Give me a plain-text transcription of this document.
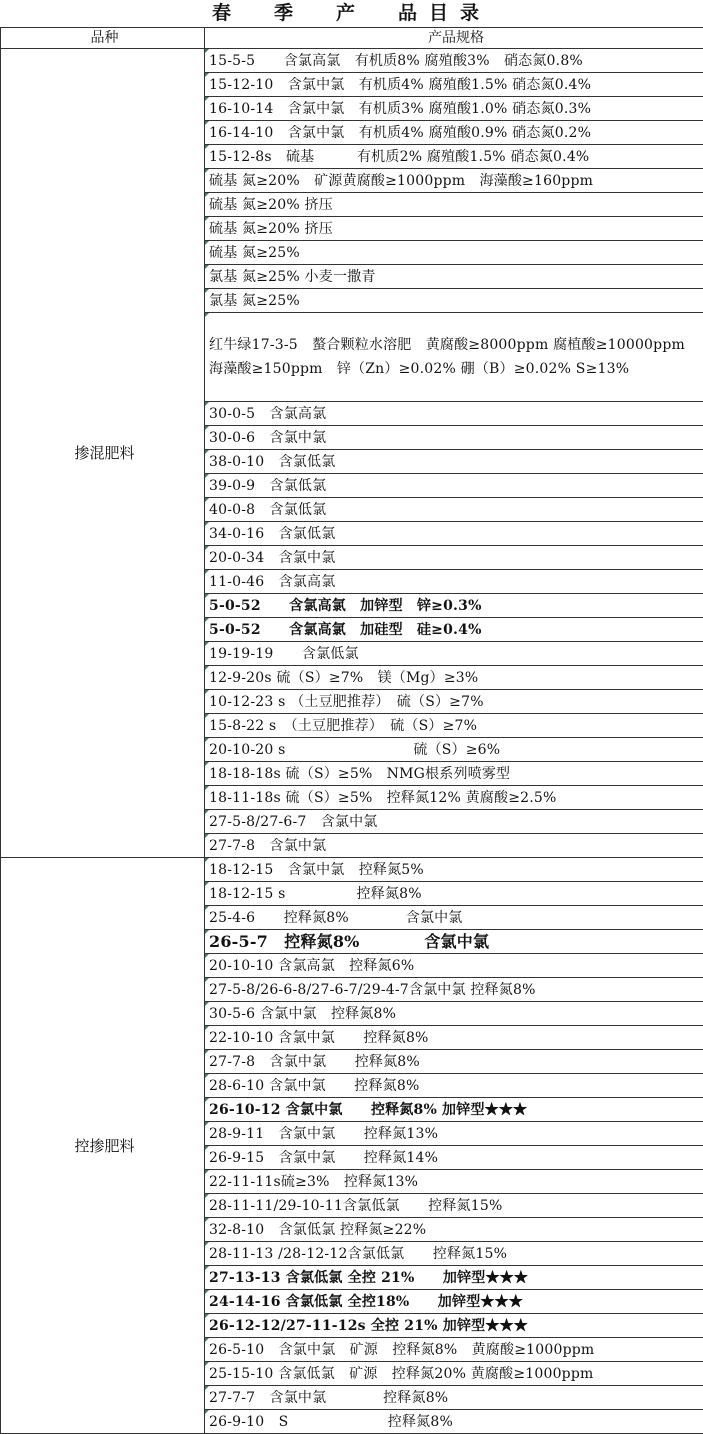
春　季　产　品目录
品种	产品规格
掺混肥料	15-5-5　　含氯高氯　有机质8% 腐殖酸3%　硝态氮0.8%
	15-12-10　含氯中氯　有机质4% 腐殖酸1.5% 硝态氮0.4%
	16-10-14　含氯中氯　有机质3% 腐殖酸1.0% 硝态氮0.3%
	16-14-10　含氯中氯　有机质4% 腐殖酸0.9% 硝态氮0.2%
	15-12-8s　硫基　　　有机质2% 腐殖酸1.5% 硝态氮0.4%
	硫基 氮≥20%　矿源黄腐酸≥1000ppm　海藻酸≥160ppm
	硫基 氮≥20% 挤压
	硫基 氮≥20% 挤压
	硫基 氮≥25%
	氯基 氮≥25% 小麦一撒青
	氯基 氮≥25%
	红牛绿17-3-5　螯合颗粒水溶肥　黄腐酸≥8000ppm 腐植酸≥10000ppm 海藻酸≥150ppm　锌（Zn）≥0.02% 硼（B）≥0.02% S≥13%
	30-0-5　含氯高氯
	30-0-6　含氯中氯
	38-0-10　含氯低氯
	39-0-9　含氯低氯
	40-0-8　含氯低氯
	34-0-16　含氯低氯
	20-0-34　含氯中氯
	11-0-46　含氯高氯
	5-0-52　　含氯高氯　加锌型　锌≥0.3%
	5-0-52　　含氯高氯　加硅型　硅≥0.4%
	19-19-19　　含氯低氯
	12-9-20s 硫（S）≥7%　镁（Mg）≥3%
	10-12-23 s （土豆肥推荐）　硫（S）≥7%
	15-8-22 s　（土豆肥推荐）　硫（S）≥7%
	20-10-20 s　　　　　　　　　硫（S）≥6%
	18-18-18s 硫（S）≥5%　NMG根系列喷雾型
	18-11-18s 硫（S）≥5%　控释氮12% 黄腐酸≥2.5%
	27-5-8/27-6-7　含氯中氯
	27-7-8　含氯中氯
控掺肥料	18-12-15　含氯中氯　控释氮5%
	18-12-15 s　　　　　控释氮8%
	25-4-6　　控释氮8%　　　　含氯中氯
	26-5-7　控释氮8%　　　　含氯中氯
	20-10-10 含氯高氯　控释氮6%
	27-5-8/26-6-8/27-6-7/29-4-7含氯中氯 控释氮8%
	30-5-6 含氯中氯　控释氮8%
	22-10-10 含氯中氯　　控释氮8%
	27-7-8　含氯中氯　　控释氮8%
	28-6-10 含氯中氯　　控释氮8%
	26-10-12 含氯中氯　　控释氮8% 加锌型★★★
	28-9-11　含氯中氯　　控释氮13%
	26-9-15　含氯中氯　　控释氮14%
	22-11-11s硫≥3%　控释氮13%
	28-11-11/29-10-11含氯低氯　　控释氮15%
	32-8-10　含氯低氯 控释氮≥22%
	28-11-13 /28-12-12含氯低氯　　控释氮15%
	27-13-13 含氯低氯 全控 21%　　加锌型★★★
	24-14-16 含氯低氯 全控18%　　加锌型★★★
	26-12-12/27-11-12s 全控 21% 加锌型★★★
	26-5-10　含氯中氯　矿源　控释氮8%　黄腐酸≥1000ppm
	25-15-10 含氯低氯　矿源　控释氮20% 黄腐酸≥1000ppm
	27-7-7　含氯中氯　　　　控释氮8%
	26-9-10　S　　　　　　　控释氮8%
